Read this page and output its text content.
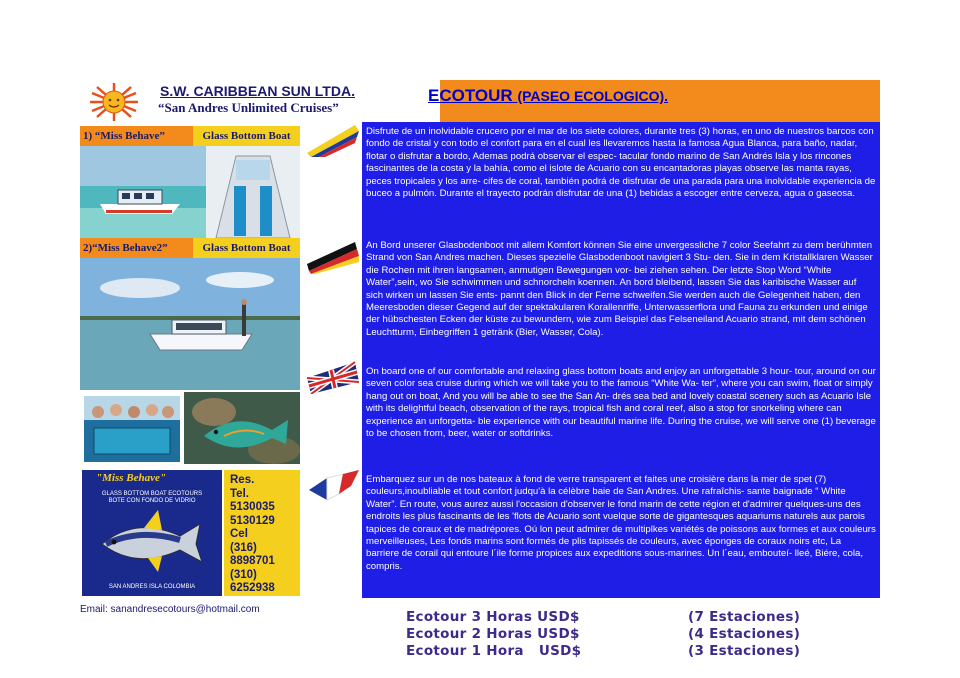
S.W. CARIBBEAN SUN LTDA.
“San Andres Unlimited Cruises”
ECOTOUR (PASEO ECOLOGICO).
1) “Miss Behave”	Glass Bottom Boat
2)“Miss Behave2”	Glass Bottom Boat
"Miss Behave"
GLASS BOTTOM BOAT ECOTOURS
BOTE CON FONDO DE VIDRIO
SAN ANDRES ISLA COLOMBIA
Res.
Tel.
5130035
5130129
Cel
(316)
8898701
(310)
6252938
Email: sanandresecotours@hotmail.com
Disfrute de un inolvidable crucero por el mar de los siete colores, durante tres (3) horas, en uno de nuestros barcos con fondo de cristal y con todo el confort para en el cual les llevaremos hasta la famosa Agua Blanca, para baño, nadar, flotar o disfrutar a bordo, Ademas podrá observar el espec- tacular fondo marino de San Andrés Isla y los rincones fascinantes de la costa y la bahía, como el islote de Acuario con su encantadoras playas observe las manta rayas, peces tropicales y los arre- cifes de coral, también podrá de disfrutar de una parada para una inolvidable experiencia de buceo a pulmón. Durante el trayecto podrán disfrutar de una (1) bebidas a escoger entre cerveza, agua o gaseosa.
An Bord unserer Glasbodenboot mit allem Komfort können Sie eine unvergessliche 7 color Seefahrt zu dem berühmten Strand von San Andres machen. Dieses spezielle Glasbodenboot navigiert 3 Stu- den. Sie in dem Kristallklaren Wasser die Rochen mit ihren langsamen, anmutigen Bewegungen vor- bei ziehen sehen. Der letzte Stop Word “White Water”,sein, wo Sie schwimmen und schnorcheln koennen. An bord bleibend, lassen Sie das karibische Wasser auf sich wirken un lassen Sie ents- pannt den Blick in der Ferne schweifen.Sie werden auch die Gelegenheit haben, den Meeresboden dieser Gegend auf der spektakularen Korallenriffe, Unterwasserflora und Fauna zu erkunden und einige der hübschesten Ecken der küste zu bewundern, wie zum Beispiel das Felseneiland Acuario strand, mit dem schönen Leuchtturm, Einbegriffen 1 getränk (Bier, Wasser, Cola).
On board one of our comfortable and relaxing glass bottom boats and enjoy an unforgettable 3 hour- tour, around on our seven color sea cruise during which we will take you to the famous “White Wa- ter”, where you can swim, float or simply hang out on boat, And you will be able to see the San An- drés sea bed and lovely coastal scenery such as Acuario Isle with its delightful beach, observation of the rays, tropical fish and coral reef, also a stop for snorkeling where can experience an unforgetta- ble experience with our beautiful marine life. During the cruise, we will serve one (1) beverage to be chosen from, beer, water or softdrinks.
Embarquez sur un de nos bateaux à fond de verre transparent et faites une croisière dans la mer de spet (7) couleurs,inoubliable et tout confort judqu'à la célèbre baie de San Andres. Une rafraîchis- sante baignade “ White Water”. En route, vous aurez aussi l'occasion d'observer le fond marin de cette région et d'admirer quelques-uns des endroits les plus fascinants de les 'flots de Acuario sont vuelque sorte de gigantesques aquariums naturels aux parois tapices de coraux et de madrépores. Oú lon peut admirer de multiplkes variétés de poissons aux formes et aux couleurs merveilleuses, Les fonds marins sont formés de plis tapissés de couleurs, avec éponges de coraux noirs etc, La barriere de corail qui entoure l´ile forme propices aux expeditions sous-marines. Un l´eau, embouteí- lleé, Biére, cola, compris.
Ecotour 3 Horas USD$	(7 Estaciones)
Ecotour 2 Horas USD$	(4 Estaciones)
Ecotour 1 Hora   USD$	(3 Estaciones)
